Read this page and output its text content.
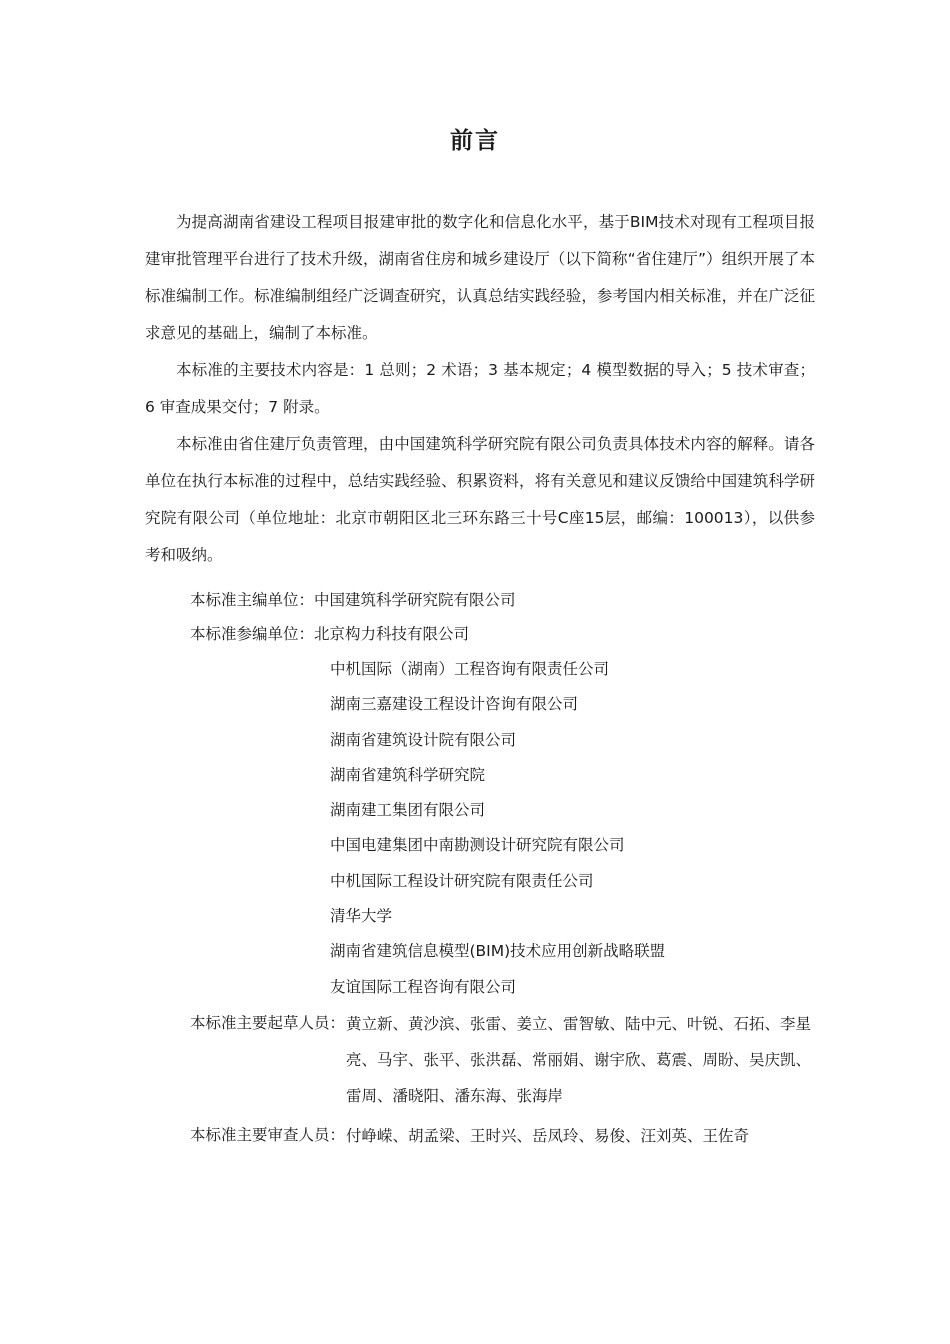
前言

为提高湖南省建设工程项目报建审批的数字化和信息化水平，基于BIM技术对现有工程项目报建审批管理平台进行了技术升级，湖南省住房和城乡建设厅（以下简称“省住建厅”）组织开展了本标准编制工作。标准编制组经广泛调查研究，认真总结实践经验，参考国内相关标准，并在广泛征求意见的基础上，编制了本标准。

本标准的主要技术内容是：1 总则；2 术语；3 基本规定；4 模型数据的导入；5 技术审查；6 审查成果交付；7 附录。

本标准由省住建厅负责管理，由中国建筑科学研究院有限公司负责具体技术内容的解释。请各单位在执行本标准的过程中，总结实践经验、积累资料，将有关意见和建议反馈给中国建筑科学研究院有限公司（单位地址：北京市朝阳区北三环东路三十号C座15层，邮编：100013），以供参考和吸纳。

本标准主编单位：中国建筑科学研究院有限公司
本标准参编单位：北京构力科技有限公司
中机国际（湖南）工程咨询有限责任公司
湖南三嘉建设工程设计咨询有限公司
湖南省建筑设计院有限公司
湖南省建筑科学研究院
湖南建工集团有限公司
中国电建集团中南勘测设计研究院有限公司
中机国际工程设计研究院有限责任公司
清华大学
湖南省建筑信息模型(BIM)技术应用创新战略联盟
友谊国际工程咨询有限公司
本标准主要起草人员： 黄立新、黄沙滨、张雷、姜立、雷智敏、陆中元、叶锐、石拓、李星亮、马宇、张平、张洪磊、常丽娟、谢宇欣、葛震、周盼、吴庆凯、雷周、潘晓阳、潘东海、张海岸

本标准主要审查人员： 付峥嵘、胡孟梁、王时兴、岳凤玲、易俊、汪刘英、王佐奇
